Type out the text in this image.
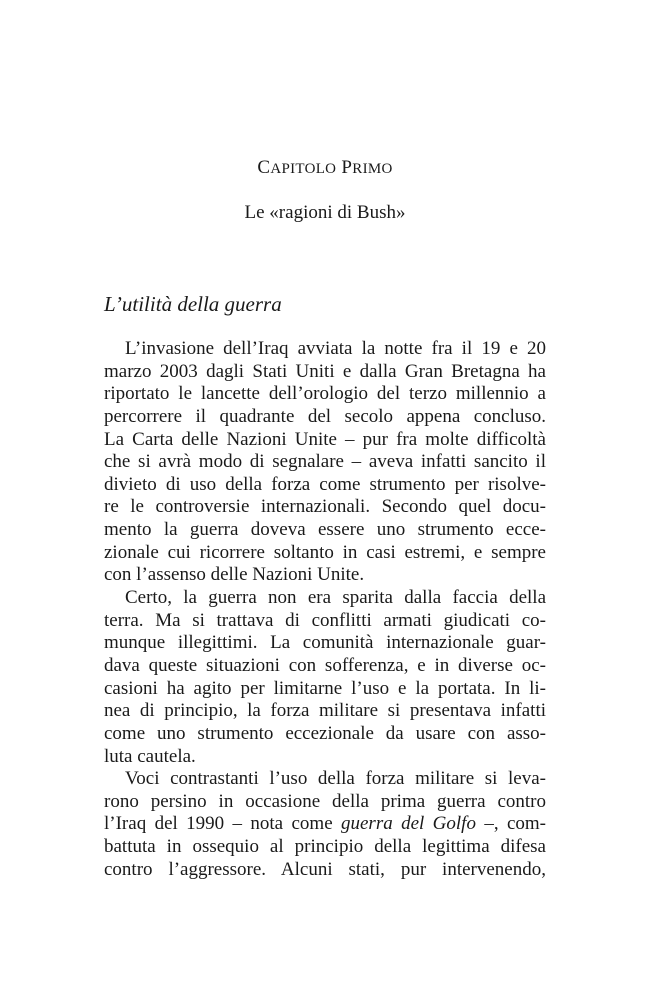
CAPITOLO PRIMO
Le «ragioni di Bush»
L’utilità della guerra
L’invasione dell’Iraq avviata la notte fra il 19 e 20
marzo 2003 dagli Stati Uniti e dalla Gran Bretagna ha
riportato le lancette dell’orologio del terzo millennio a
percorrere il quadrante del secolo appena concluso.
La Carta delle Nazioni Unite – pur fra molte difficoltà
che si avrà modo di segnalare – aveva infatti sancito il
divieto di uso della forza come strumento per risolve-
re le controversie internazionali. Secondo quel docu-
mento la guerra doveva essere uno strumento ecce-
zionale cui ricorrere soltanto in casi estremi, e sempre
con l’assenso delle Nazioni Unite.
Certo, la guerra non era sparita dalla faccia della
terra. Ma si trattava di conflitti armati giudicati co-
munque illegittimi. La comunità internazionale guar-
dava queste situazioni con sofferenza, e in diverse oc-
casioni ha agito per limitarne l’uso e la portata. In li-
nea di principio, la forza militare si presentava infatti
come uno strumento eccezionale da usare con asso-
luta cautela.
Voci contrastanti l’uso della forza militare si leva-
rono persino in occasione della prima guerra contro
l’Iraq del 1990 – nota come guerra del Golfo –, com-
battuta in ossequio al principio della legittima difesa
contro l’aggressore. Alcuni stati, pur intervenendo,
